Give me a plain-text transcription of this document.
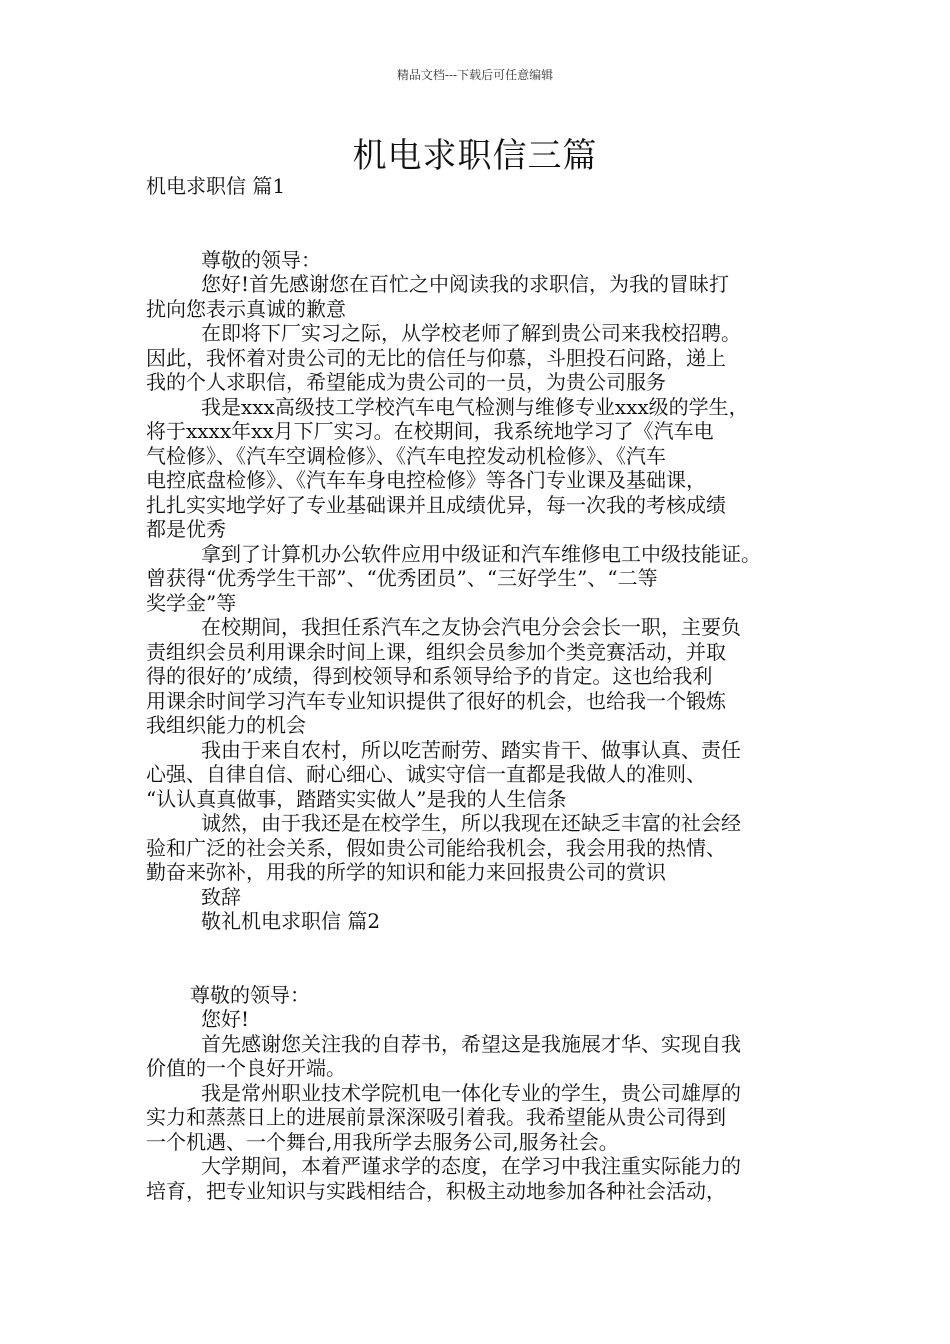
精品文档---下载后可任意编辑
机电求职信三篇
机电求职信 篇1
尊敬的领导：
您好!首先感谢您在百忙之中阅读我的求职信，为我的冒昧打
扰向您表示真诚的歉意
在即将下厂实习之际，从学校老师了解到贵公司来我校招聘。
因此，我怀着对贵公司的无比的信任与仰慕，斗胆投石问路，递上
我的个人求职信，希望能成为贵公司的一员，为贵公司服务
我是xxx高级技工学校汽车电气检测与维修专业xxx级的学生，
将于xxxx年xx月下厂实习。在校期间，我系统地学习了《汽车电
气检修》、《汽车空调检修》、《汽车电控发动机检修》、《汽车
电控底盘检修》、《汽车车身电控检修》等各门专业课及基础课，
扎扎实实地学好了专业基础课并且成绩优异，每一次我的考核成绩
都是优秀
拿到了计算机办公软件应用中级证和汽车维修电工中级技能证。
曾获得“优秀学生干部”、“优秀团员”、“三好学生”、“二等
奖学金”等
在校期间，我担任系汽车之友协会汽电分会会长一职，主要负
责组织会员利用课余时间上课，组织会员参加个类竞赛活动，并取
得的很好的’成绩，得到校领导和系领导给予的肯定。这也给我利
用课余时间学习汽车专业知识提供了很好的机会，也给我一个锻炼
我组织能力的机会
我由于来自农村，所以吃苦耐劳、踏实肯干、做事认真、责任
心强、自律自信、耐心细心、诚实守信一直都是我做人的准则、
“认认真真做事，踏踏实实做人”是我的人生信条
诚然，由于我还是在校学生，所以我现在还缺乏丰富的社会经
验和广泛的社会关系，假如贵公司能给我机会，我会用我的热情、
勤奋来弥补，用我的所学的知识和能力来回报贵公司的赏识
致辞
敬礼机电求职信 篇2
尊敬的领导：
您好!
首先感谢您关注我的自荐书，希望这是我施展才华、实现自我
价值的一个良好开端。
我是常州职业技术学院机电一体化专业的学生，贵公司雄厚的
实力和蒸蒸日上的进展前景深深吸引着我。我希望能从贵公司得到
一个机遇、一个舞台,用我所学去服务公司,服务社会。
大学期间，本着严谨求学的态度，在学习中我注重实际能力的
培育，把专业知识与实践相结合，积极主动地参加各种社会活动，
